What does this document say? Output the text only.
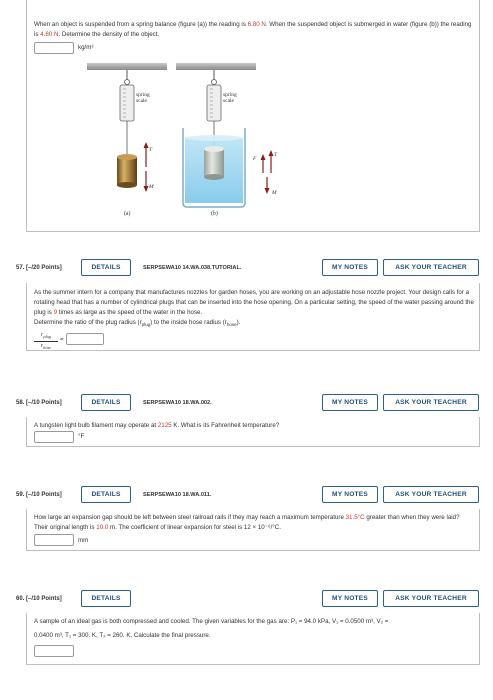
When an object is suspended from a spring balance (figure (a)) the reading is 6.80 N. When the suspended object is submerged in water (figure (b)) the reading is 4.80 N. Determine the density of the object.
kg/m³
spring
scale
T
M
spring
scale
F
T
M
(a)	(b)
57. [–/20 Points]	DETAILS	SERPSEWA10 14.WA.038.TUTORIAL.	MY NOTES	ASK YOUR TEACHER
As the summer intern for a company that manufactures nozzles for garden hoses, you are working on an adjustable hose nozzle project. Your design calls for a rotating head that has a number of cylindrical plugs that can be inserted into the hose opening. On a particular setting, the speed of the water passing around the plug is 9 times as large as the speed of the water in the hose.
Determine the ratio of the plug radius $(r_{plug})$ to the inside hose radius $(r_{hose})$.
$r_{plug}$
$r_{hose}$
=
58. [–/10 Points]	DETAILS	SERPSEWA10 18.WA.002.	MY NOTES	ASK YOUR TEACHER
A tungsten light bulb filament may operate at 2125 K. What is its Fahrenheit temperature?
°F
59. [–/10 Points]	DETAILS	SERPSEWA10 18.WA.011.	MY NOTES	ASK YOUR TEACHER
How large an expansion gap should be left between steel railroad rails if they may reach a maximum temperature 31.5°C greater than when they were laid? Their original length is 10.0 m. The coefficient of linear expansion for steel is 12 × 10⁻⁶/°C.
mm
60. [–/10 Points]	DETAILS	MY NOTES	ASK YOUR TEACHER
A sample of an ideal gas is both compressed and cooled. The given variables for the gas are: P₁ = 94.0 kPa, V₁ = 0.0500 m³, V₂ =
0.0400 m³, T₁ = 300. K, T₂ = 260. K. Calculate the final pressure.
